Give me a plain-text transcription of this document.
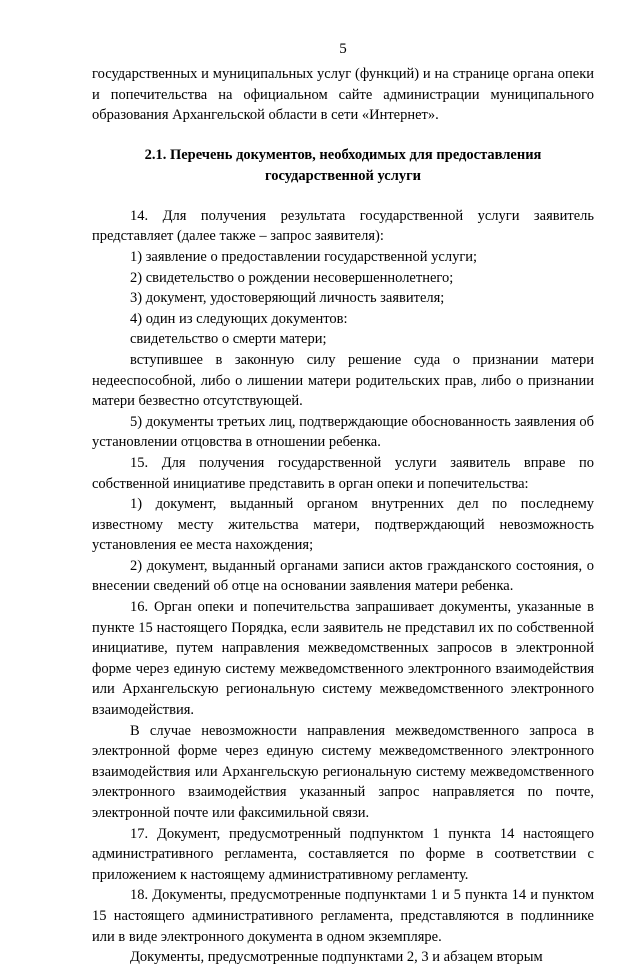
5

государственных и муниципальных услуг (функций) и на странице органа опеки и попечительства на официальном сайте администрации муниципального образования Архангельской области в сети «Интернет».

2.1. Перечень документов, необходимых для предоставления
государственной услуги

14. Для получения результата государственной услуги заявитель представляет (далее также – запрос заявителя):

1) заявление о предоставлении государственной услуги;

2) свидетельство о рождении несовершеннолетнего;

3) документ, удостоверяющий личность заявителя;

4) один из следующих документов:

свидетельство о смерти матери;

вступившее в законную силу решение суда о признании матери недееспособной, либо о лишении матери родительских прав, либо о признании матери безвестно отсутствующей.

5) документы третьих лиц, подтверждающие обоснованность заявления об установлении отцовства в отношении ребенка.

15. Для получения государственной услуги заявитель вправе по собственной инициативе представить в орган опеки и попечительства:

1) документ, выданный органом внутренних дел по последнему известному месту жительства матери, подтверждающий невозможность установления ее места нахождения;

2) документ, выданный органами записи актов гражданского состояния, о внесении сведений об отце на основании заявления матери ребенка.

16. Орган опеки и попечительства запрашивает документы, указанные в пункте 15 настоящего Порядка, если заявитель не представил их по собственной инициативе, путем направления межведомственных запросов в электронной форме через единую систему межведомственного электронного взаимодействия или Архангельскую региональную систему межведомственного электронного взаимодействия.

В случае невозможности направления межведомственного запроса в электронной форме через единую систему межведомственного электронного взаимодействия или Архангельскую региональную систему межведомственного электронного взаимодействия указанный запрос направляется по почте, электронной почте или факсимильной связи.

17. Документ, предусмотренный подпунктом 1 пункта 14 настоящего административного регламента, составляется по форме в соответствии с приложением к настоящему административному регламенту.

18. Документы, предусмотренные подпунктами 1 и 5 пункта 14 и пунктом 15 настоящего административного регламента, представляются в подлиннике или в виде электронного документа в одном экземпляре.

Документы, предусмотренные подпунктами 2, 3 и абзацем вторым
